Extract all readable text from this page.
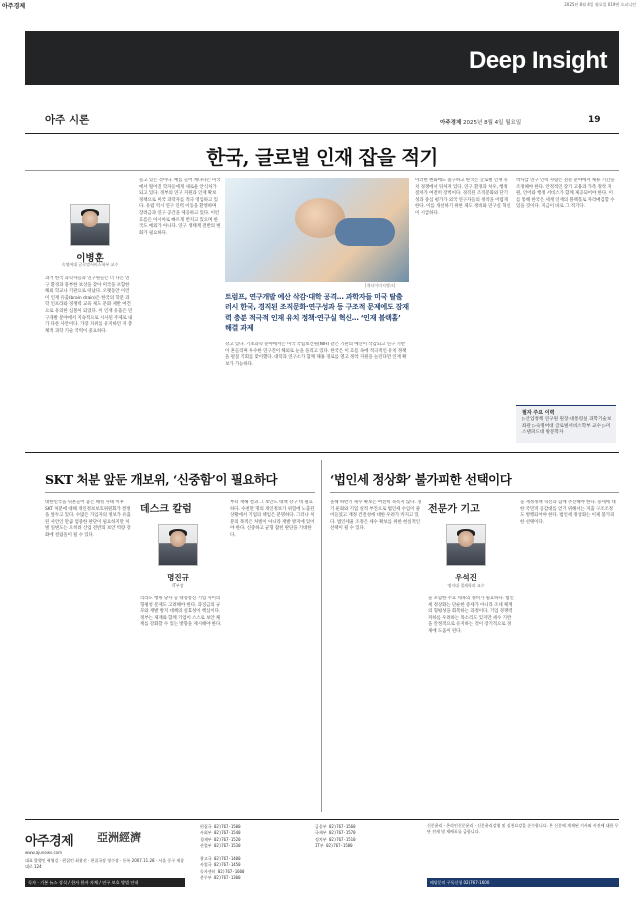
아주경제	2025년 8월 4일 월요일 019면 오피니언
Deep Insight
아주 시론	아주경제 2025년 8월 4일 월요일	19
한국, 글로벌 인재 잡을 적기
이병훈
숙명여대 글로벌서비스학부 교수
[게티이미지뱅크]
트럼프, 연구개발 예산 삭감·대학 공격… 과학자들 미국 탈출 러시 한국, 경직된 조직문화·연구성과 등 구조적 문제에도 잠재력 충분 적극적 인재 유치 정책·연구실 혁신… ‘인재 블랙홀’ 해결 과제
과거 한국 과학자들과 연구원들은 더 나은 연구 환경과 풍부한 보상을 찾아 미국을 포함한 해외 학교나 기관으로 떠났다. 오랫동안 이런 이 인재 유출(brain drain)은 한국의 학문 과학 인프라와 경쟁력 교육 제도 문화 제반 여건으로 유의한 심볼이 되었다. 이 인재 유출은 연구개발 분야에서 지속적으로 시사된 주제로 내가 다룬 사안이다. 가장 지위를 유지하던 지 총체적 과학 기술 국력이 중요하다.
늘고 있는 것이다. 예를 들어 캐나다는 미국에서 떨어진 학자들에게 새로운 안식처가 되고 있다. 정부의 연구 지원과 인재 확보 정책으로 미국 과학자를 적극 영입하고 있다. 유럽 역시 연구 인력 이동을 환영하며 장려금과 연구 공간을 제공하고 있다. 이런 흐름은 아시아로 빠르게 번지고 있으며 한국도 예외가 아니다. 연구 생태계 전반의 변화가 필요하다.
강고 있다. 기초과학 분야에서는 미국 국립보건원(NIH) 같은 기관의 예산이 삭감되고 연구 기반이 흔들리며 우수한 연구진이 해외로 눈을 돌리고 있다. 한국은 이 흐름 속에 적극적인 유치 정책을 펼칠 기회를 맞이했다. 대학과 연구소가 함께 채용 경로를 열고 정착 지원을 늘린다면 인재 확보가 가능하다.
이러한 변화에도 불구하고 한국은 글로벌 인재 유치 경쟁에서 뒤처져 있다. 연구 환경과 처우, 행정 절차가 여전히 장벽이다. 경직된 조직문화와 단기 성과 중심 평가가 외국 연구자들의 정착을 어렵게 한다. 이를 개선하기 위한 제도 정비와 연구실 혁신이 시급하다.
박사급 연구 인력 사람은 전문 분야에서 체류 기간을 조정해야 한다. 안정적인 장기 고용과 가족 정착 지원, 언어와 행정 서비스가 함께 제공되어야 한다. 이를 통해 한국은 세계 인재의 블랙홀로 자리매김할 수 있을 것이다. 지금이 바로 그 적기다.
필자 주요 이력
▷산업정책 연구원 원장·대통령실 과학기술보좌관 ▷숙명여대 글로벌서비스학부 교수 ▷미 스탠퍼드대 방문학자
SKT 처분 앞둔 개보위, ‘신중함’이 필요하다
대한민국을 뒤흔들어 놓은 해킹 사태 이후 SKT 처분에 대해 개인정보보호위원회가 결정을 앞두고 있다. 수많은 가입자의 정보가 유출된 사안인 만큼 엄중한 판단이 필요하지만 처벌 일변도는 오히려 산업 전반의 보안 역량 강화에 걸림돌이 될 수 있다.
데스크 칼럼
명진규
IT부장
리라도 행위 당사 공 대형통신 기업 사이의 형평성 문제도 고려해야 한다. 과징금의 규모와 재발 방지 대책의 실효성이 핵심이다. 정부는 제재와 함께 기업이 스스로 보안 체계를 강화할 수 있는 방향을 제시해야 한다.
부터 재해 결과 그 보안도 대책 강구 데 필요하다. 수천만 명의 개인정보가 위험에 노출된 상황에서 기업의 책임은 분명하다. 그러나 처분의 목적은 처벌이 아니라 재발 방지에 있어야 한다. 신중하고 균형 잡힌 판단을 기대한다.
‘법인세 정상화’ 불가피한 선택이다
올해 하반기 세수 확보는 여전히 녹록지 않다. 경기 둔화와 기업 실적 부진으로 법인세 수입이 줄어들었고 재정 건전성에 대한 우려가 커지고 있다. 법인세율 조정은 세수 확보를 위한 현실적인 선택이 될 수 있다.
전문가 기고
우석진
명지대 경제학과 교수
을 포함한 주요 세목의 정비가 필요하다. 법인세 정상화는 단순한 증세가 아니라 조세 체계의 형평성을 회복하는 과정이다. 기업 경쟁력 저하를 우려하는 목소리도 있지만 세수 기반을 안정적으로 유지하는 것이 장기적으로 경제에 도움이 된다.
을 재정정책 혁신과 함께 추진해야 한다. 증세에 대한 국민적 공감대를 얻기 위해서는 지출 구조조정도 병행되어야 한다. 법인세 정상화는 이제 불가피한 선택이다.
아주경제 亞洲經濟
www.ajunews.com
대표 발행인 곽영길 · 편집인 최광선 · 편집국장 정수장 · 등록 2007.11.28 · 서울 중구 세종대로 124
독자 · 기본 뉴스 상식 / 한자 한자 자체 / 연구 보호 방법 안내
편집국 02)767-1500
사회부 02)767-1540
경제부 02)767-1520
산업부 02)767-1530
금융부 02)767-1560
국제부 02)767-1570
정치부 02)767-1510
IT부 02)767-1580
광고국 02)767-1400
사업국 02)767-1450
독자센터 02)767-1600
총무부 02)767-1300
신문윤리 · 온라인신문윤리 · 신문윤리강령 및 실천요강을 준수합니다. 본 신문에 게재된 기사와 사진에 대한 무단 전재 및 재배포를 금합니다.
배달문의 구독신청 02)767-1600
